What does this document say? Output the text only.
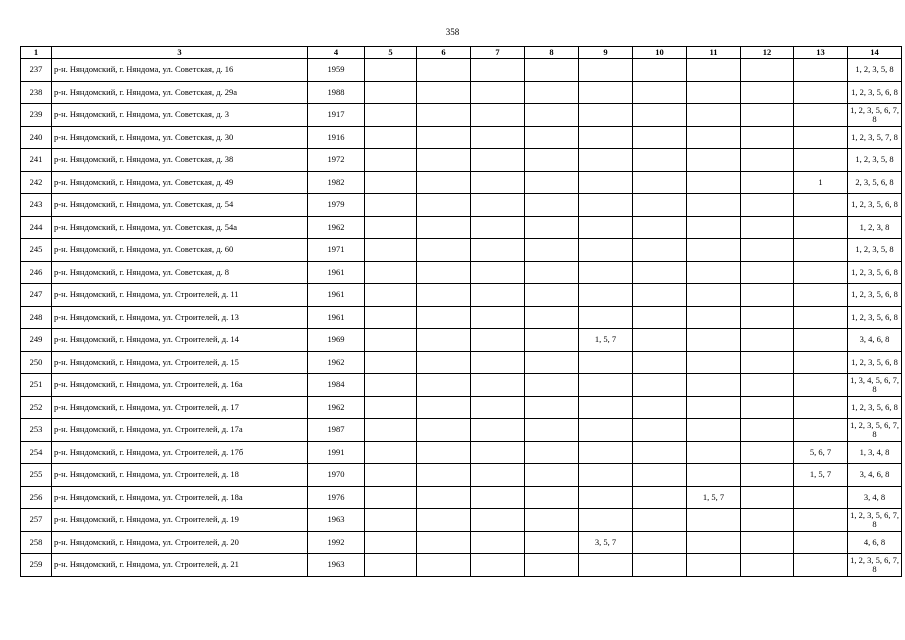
358
1	3	4	5	6	7	8	9	10	11	12	13	14
237	р-н. Няндомский, г. Няндома, ул. Советская, д. 16	1959										1, 2, 3, 5, 8
238	р-н. Няндомский, г. Няндома, ул. Советская, д. 29а	1988										1, 2, 3, 5, 6, 8
239	р-н. Няндомский, г. Няндома, ул. Советская, д. 3	1917										1, 2, 3, 5, 6, 7, 8
240	р-н. Няндомский, г. Няндома, ул. Советская, д. 30	1916										1, 2, 3, 5, 7, 8
241	р-н. Няндомский, г. Няндома, ул. Советская, д. 38	1972										1, 2, 3, 5, 8
242	р-н. Няндомский, г. Няндома, ул. Советская, д. 49	1982									1	2, 3, 5, 6, 8
243	р-н. Няндомский, г. Няндома, ул. Советская, д. 54	1979										1, 2, 3, 5, 6, 8
244	р-н. Няндомский, г. Няндома, ул. Советская, д. 54а	1962										1, 2, 3, 8
245	р-н. Няндомский, г. Няндома, ул. Советская, д. 60	1971										1, 2, 3, 5, 8
246	р-н. Няндомский, г. Няндома, ул. Советская, д. 8	1961										1, 2, 3, 5, 6, 8
247	р-н. Няндомский, г. Няндома, ул. Строителей, д. 11	1961										1, 2, 3, 5, 6, 8
248	р-н. Няндомский, г. Няндома, ул. Строителей, д. 13	1961										1, 2, 3, 5, 6, 8
249	р-н. Няндомский, г. Няндома, ул. Строителей, д. 14	1969					1, 5, 7					3, 4, 6, 8
250	р-н. Няндомский, г. Няндома, ул. Строителей, д. 15	1962										1, 2, 3, 5, 6, 8
251	р-н. Няндомский, г. Няндома, ул. Строителей, д. 16а	1984										1, 3, 4, 5, 6, 7, 8
252	р-н. Няндомский, г. Няндома, ул. Строителей, д. 17	1962										1, 2, 3, 5, 6, 8
253	р-н. Няндомский, г. Няндома, ул. Строителей, д. 17а	1987										1, 2, 3, 5, 6, 7, 8
254	р-н. Няндомский, г. Няндома, ул. Строителей, д. 17б	1991									5, 6, 7	1, 3, 4, 8
255	р-н. Няндомский, г. Няндома, ул. Строителей, д. 18	1970									1, 5, 7	3, 4, 6, 8
256	р-н. Няндомский, г. Няндома, ул. Строителей, д. 18а	1976							1, 5, 7			3, 4, 8
257	р-н. Няндомский, г. Няндома, ул. Строителей, д. 19	1963										1, 2, 3, 5, 6, 7, 8
258	р-н. Няндомский, г. Няндома, ул. Строителей, д. 20	1992					3, 5, 7					4, 6, 8
259	р-н. Няндомский, г. Няндома, ул. Строителей, д. 21	1963										1, 2, 3, 5, 6, 7, 8
